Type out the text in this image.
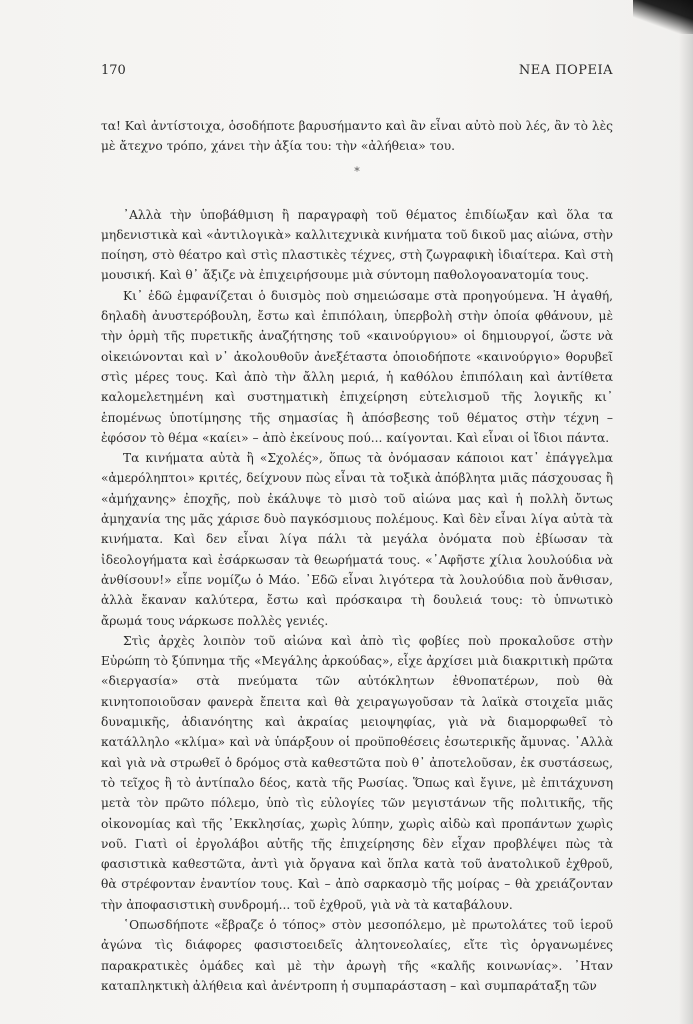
170	ΝΕΑ ΠΟΡΕΙΑ

τα! Καὶ ἀντίστοιχα, ὁσοδήποτε βαρυσήμαντο καὶ ἂν εἶναι αὐτὸ ποὺ λές, ἂν τὸ λὲς μὲ ἄτεχνο τρόπο, χάνει τὴν ἀξία του: τὴν «ἀλήθεια» του.

*

᾿Αλλὰ τὴν ὑποβάθμιση ἢ παραγραφὴ τοῦ θέματος ἐπιδίωξαν καὶ ὅλα τα μηδενιστικὰ καὶ «ἀντιλογικὰ» καλλιτεχνικὰ κινήματα τοῦ δικοῦ μας αἰώνα, στὴν ποίηση, στὸ θέατρο καὶ στὶς πλαστικὲς τέχνες, στὴ ζωγραφικὴ ἰδιαίτερα. Καὶ στὴ μουσική. Καὶ θ᾿ ἄξιζε νὰ ἐπιχειρήσουμε μιὰ σύντομη παθολογοανατομία τους.

Κι᾿ ἐδῶ ἐμφανίζεται ὁ δυισμὸς ποὺ σημειώσαμε στὰ προηγούμενα. Ἡ ἀγαθή, δηλαδὴ ἀνυστερόβουλη, ἔστω καὶ ἐπιπόλαιη, ὑπερβολὴ στὴν ὁποία φθάνουν, μὲ τὴν ὁρμὴ τῆς πυρετικῆς ἀναζήτησης τοῦ «καινούργιου» οἱ δημιουργοί, ὥστε νὰ οἰκειώνονται καὶ ν᾿ ἀκολουθοῦν ἀνεξέταστα ὁποιοδήποτε «καινούργιο» θορυβεῖ στὶς μέρες τους. Καὶ ἀπὸ τὴν ἄλλη μεριά, ἡ καθόλου ἐπιπόλαιη καὶ ἀντίθετα καλομελετημένη καὶ συστηματικὴ ἐπιχείρηση εὐτελισμοῦ τῆς λογικῆς κι᾿ ἑπομένως ὑποτίμησης τῆς σημασίας ἢ ἀπόσβεσης τοῦ θέματος στὴν τέχνη – ἐφόσον τὸ θέμα «καίει» – ἀπὸ ἐκείνους πού... καίγονται. Καὶ εἶναι οἱ ἴδιοι πάντα.

Τα κινήματα αὐτὰ ἢ «Σχολές», ὅπως τὰ ὀνόμασαν κάποιοι κατ᾿ ἐπάγγελμα «ἀμερόληπτοι» κριτές, δείχνουν πὼς εἶναι τὰ τοξικὰ ἀπόβλητα μιᾶς πάσχουσας ἢ «ἀμήχανης» ἐποχῆς, ποὺ ἐκάλυψε τὸ μισὸ τοῦ αἰώνα μας καὶ ἡ πολλὴ ὄντως ἀμηχανία της μᾶς χάρισε δυὸ παγκόσμιους πολέμους. Καὶ δὲν εἶναι λίγα αὐτὰ τὰ κινήματα. Καὶ δεν εἶναι λίγα πάλι τὰ μεγάλα ὀνόματα ποὺ ἐβίωσαν τὰ ἰδεολογήματα καὶ ἐσάρκωσαν τὰ θεωρήματά τους. «᾿Αφῆστε χίλια λουλούδια νὰ ἀνθίσουν!» εἶπε νομίζω ὁ Μάο. ᾿Εδῶ εἶναι λιγότερα τὰ λουλούδια ποὺ ἄνθισαν, ἀλλὰ ἔκαναν καλύτερα, ἔστω καὶ πρόσκαιρα τὴ δουλειά τους: τὸ ὑπνωτικὸ ἄρωμά τους νάρκωσε πολλὲς γενιές.

Στὶς ἀρχὲς λοιπὸν τοῦ αἰώνα καὶ ἀπὸ τὶς φοβίες ποὺ προκαλοῦσε στὴν Εὐρώπη τὸ ξύπνημα τῆς «Μεγάλης ἀρκούδας», εἶχε ἀρχίσει μιὰ διακριτικὴ πρῶτα «διεργασία» στὰ πνεύματα τῶν αὐτόκλητων ἐθνοπατέρων, ποὺ θὰ κινητοποιοῦσαν φανερὰ ἔπειτα καὶ θὰ χειραγωγοῦσαν τὰ λαϊκὰ στοιχεῖα μιᾶς δυναμικῆς, ἀδιανόητης καὶ ἀκραίας μειοψηφίας, γιὰ νὰ διαμορφωθεῖ τὸ κατάλληλο «κλίμα» καὶ νὰ ὑπάρξουν οἱ προϋποθέσεις ἐσωτερικῆς ἄμυνας. ᾿Αλλὰ καὶ γιὰ νὰ στρωθεῖ ὁ δρόμος στὰ καθεστῶτα ποὺ θ᾿ ἀποτελοῦσαν, ἐκ συστάσεως, τὸ τεῖχος ἢ τὸ ἀντίπαλο δέος, κατὰ τῆς Ρωσίας. Ὅπως καὶ ἔγινε, μὲ ἐπιτάχυνση μετὰ τὸν πρῶτο πόλεμο, ὑπὸ τὶς εὐλογίες τῶν μεγιστάνων τῆς πολιτικῆς, τῆς οἰκονομίας καὶ τῆς ᾿Εκκλησίας, χωρὶς λύπην, χωρὶς αἰδὼ καὶ προπάντων χωρὶς νοῦ. Γιατὶ οἱ ἐργολάβοι αὐτῆς τῆς ἐπιχείρησης δὲν εἶχαν προβλέψει πὼς τὰ φασιστικὰ καθεστῶτα, ἀντὶ γιὰ ὄργανα καὶ ὅπλα κατὰ τοῦ ἀνατολικοῦ ἐχθροῦ, θὰ στρέφονταν ἐναντίον τους. Καὶ – ἀπὸ σαρκασμὸ τῆς μοίρας – θὰ χρειάζονταν τὴν ἀποφασιστικὴ συνδρομή... τοῦ ἐχθροῦ, γιὰ νὰ τὰ καταβάλουν.

῾Οπωσδήποτε «ἔβραζε ὁ τόπος» στὸν μεσοπόλεμο, μὲ πρωτολάτες τοῦ ἱεροῦ ἀγώνα τὶς διάφορες φασιστοειδεῖς ἀλητονεολαίες, εἴτε τὶς ὀργανωμένες παρακρατικὲς ὁμάδες καὶ μὲ τὴν ἀρωγὴ τῆς «καλῆς κοινωνίας». ᾿Ηταν καταπληκτικὴ ἀλήθεια καὶ ἀνέντροπη ἡ συμπαράσταση – καὶ συμπαράταξη τῶν
